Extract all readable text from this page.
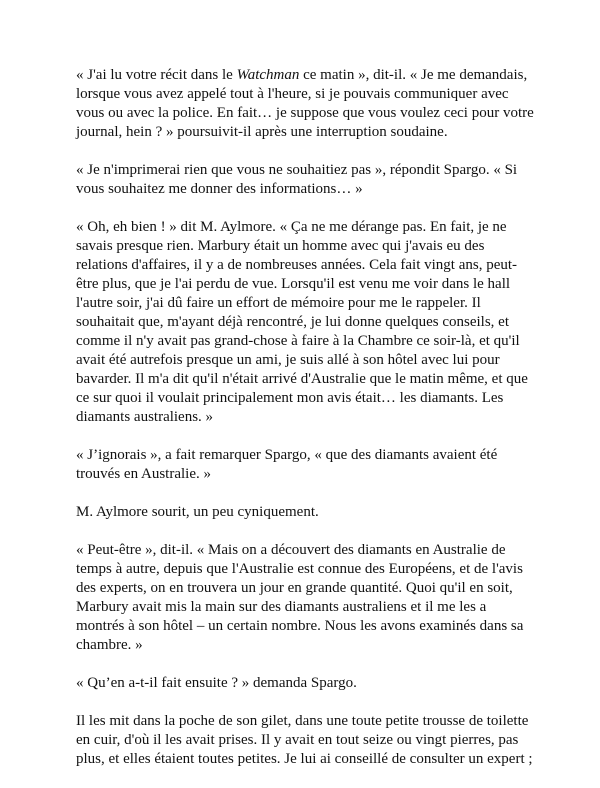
« J'ai lu votre récit dans le Watchman ce matin », dit-il. « Je me demandais, lorsque vous avez appelé tout à l'heure, si je pouvais communiquer avec vous ou avec la police. En fait… je suppose que vous voulez ceci pour votre journal, hein ? » poursuivit-il après une interruption soudaine.

« Je n'imprimerai rien que vous ne souhaitiez pas », répondit Spargo. « Si vous souhaitez me donner des informations… »

« Oh, eh bien ! » dit M. Aylmore. « Ça ne me dérange pas. En fait, je ne savais presque rien. Marbury était un homme avec qui j'avais eu des relations d'affaires, il y a de nombreuses années. Cela fait vingt ans, peut-être plus, que je l'ai perdu de vue. Lorsqu'il est venu me voir dans le hall l'autre soir, j'ai dû faire un effort de mémoire pour me le rappeler. Il souhaitait que, m'ayant déjà rencontré, je lui donne quelques conseils, et comme il n'y avait pas grand-chose à faire à la Chambre ce soir-là, et qu'il avait été autrefois presque un ami, je suis allé à son hôtel avec lui pour bavarder. Il m'a dit qu'il n'était arrivé d'Australie que le matin même, et que ce sur quoi il voulait principalement mon avis était… les diamants. Les diamants australiens. »

« J’ignorais », a fait remarquer Spargo, « que des diamants avaient été trouvés en Australie. »

M. Aylmore sourit, un peu cyniquement.

« Peut-être », dit-il. « Mais on a découvert des diamants en Australie de temps à autre, depuis que l'Australie est connue des Européens, et de l'avis des experts, on en trouvera un jour en grande quantité. Quoi qu'il en soit, Marbury avait mis la main sur des diamants australiens et il me les a montrés à son hôtel – un certain nombre. Nous les avons examinés dans sa chambre. »

« Qu’en a-t-il fait ensuite ? » demanda Spargo.

Il les mit dans la poche de son gilet, dans une toute petite trousse de toilette en cuir, d'où il les avait prises. Il y avait en tout seize ou vingt pierres, pas plus, et elles étaient toutes petites. Je lui ai conseillé de consulter un expert ;
